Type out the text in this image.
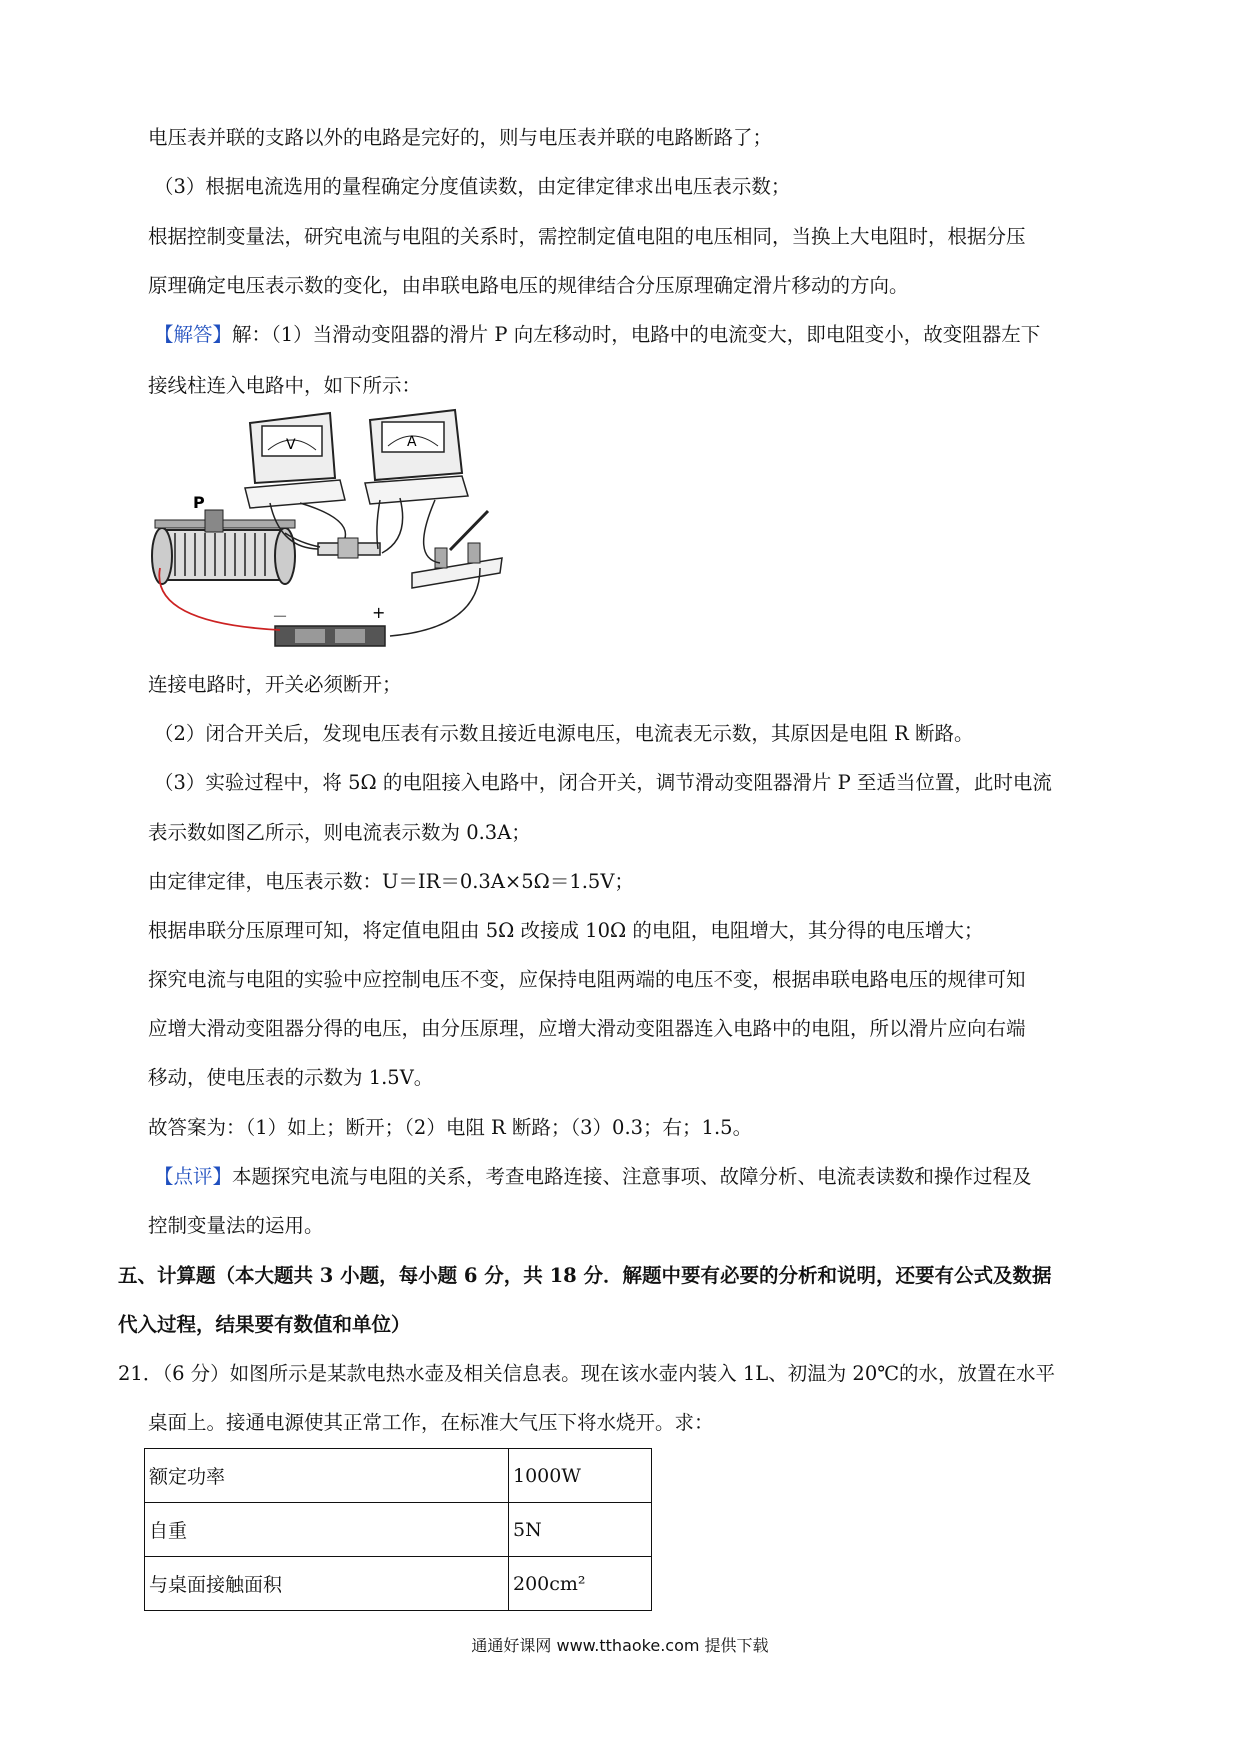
电压表并联的支路以外的电路是完好的，则与电压表并联的电路断路了；
（3）根据电流选用的量程确定分度值读数，由定律定律求出电压表示数；
根据控制变量法，研究电流与电阻的关系时，需控制定值电阻的电压相同，当换上大电阻时，根据分压
原理确定电压表示数的变化，由串联电路电压的规律结合分压原理确定滑片移动的方向。
【解答】解：（1）当滑动变阻器的滑片 P 向左移动时，电路中的电流变大，即电阻变小，故变阻器左下
接线柱连入电路中，如下所示：
V	A
P
－	+
连接电路时，开关必须断开；
（2）闭合开关后，发现电压表有示数且接近电源电压，电流表无示数，其原因是电阻 R 断路。
（3）实验过程中，将 5Ω 的电阻接入电路中，闭合开关，调节滑动变阻器滑片 P 至适当位置，此时电流
表示数如图乙所示，则电流表示数为 0.3A；
由定律定律，电压表示数：U＝IR＝0.3A×5Ω＝1.5V；
根据串联分压原理可知，将定值电阻由 5Ω 改接成 10Ω 的电阻，电阻增大，其分得的电压增大；
探究电流与电阻的实验中应控制电压不变，应保持电阻两端的电压不变，根据串联电路电压的规律可知
应增大滑动变阻器分得的电压，由分压原理，应增大滑动变阻器连入电路中的电阻，所以滑片应向右端
移动，使电压表的示数为 1.5V。
故答案为：（1）如上；断开；（2）电阻 R 断路；（3）0.3；右；1.5。
【点评】本题探究电流与电阻的关系，考查电路连接、注意事项、故障分析、电流表读数和操作过程及
控制变量法的运用。
五、计算题（本大题共 3 小题，每小题 6 分，共 18 分．解题中要有必要的分析和说明，还要有公式及数据
代入过程，结果要有数值和单位）
21．（6 分）如图所示是某款电热水壶及相关信息表。现在该水壶内装入 1L、初温为 20℃的水，放置在水平
桌面上。接通电源使其正常工作，在标准大气压下将水烧开。求：
额定功率	1000W
自重	5N
与桌面接触面积	200cm²
通通好课网 www.tthaoke.com 提供下载
